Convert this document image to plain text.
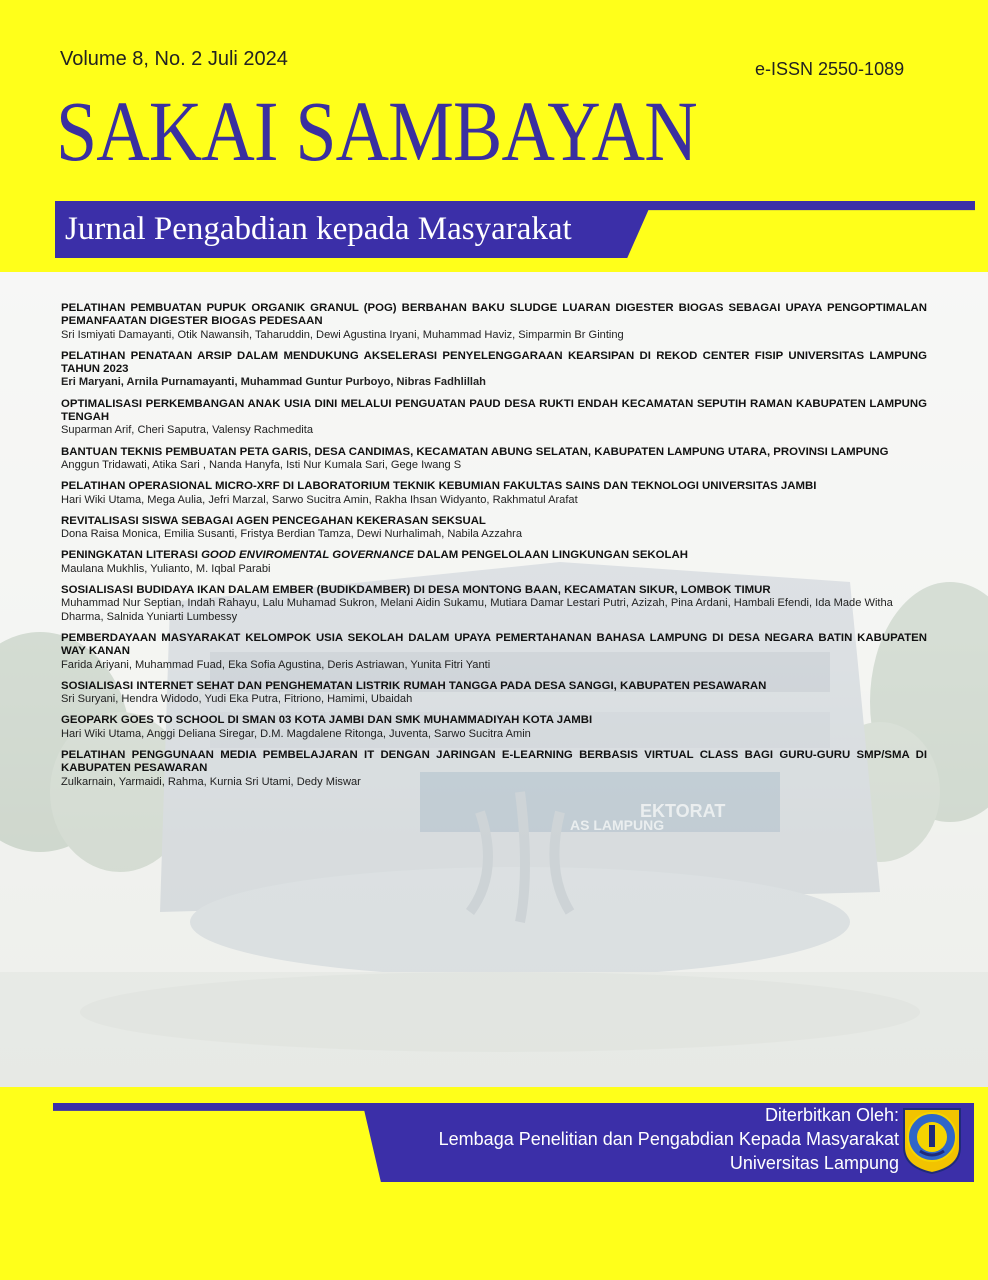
Volume 8, No. 2 Juli 2024	e-ISSN 2550-1089
SAKAI SAMBAYAN
Jurnal Pengabdian kepada Masyarakat
EKTORAT
AS LAMPUNG
PELATIHAN PEMBUATAN PUPUK ORGANIK GRANUL (POG) BERBAHAN BAKU SLUDGE LUARAN DIGESTER BIOGAS SEBAGAI UPAYA PENGOPTIMALAN PEMANFAATAN DIGESTER BIOGAS PEDESAAN
Sri Ismiyati Damayanti, Otik Nawansih, Taharuddin, Dewi Agustina Iryani, Muhammad Haviz, Simparmin Br Ginting
PELATIHAN PENATAAN ARSIP DALAM MENDUKUNG AKSELERASI PENYELENGGARAAN KEARSIPAN DI REKOD CENTER FISIP UNIVERSITAS LAMPUNG TAHUN 2023
Eri Maryani, Arnila Purnamayanti, Muhammad Guntur Purboyo, Nibras Fadhlillah
OPTIMALISASI PERKEMBANGAN ANAK USIA DINI MELALUI PENGUATAN PAUD DESA RUKTI ENDAH KECAMATAN SEPUTIH RAMAN KABUPATEN LAMPUNG TENGAH
Suparman Arif, Cheri Saputra, Valensy Rachmedita
BANTUAN TEKNIS PEMBUATAN PETA GARIS, DESA CANDIMAS, KECAMATAN ABUNG SELATAN, KABUPATEN LAMPUNG UTARA, PROVINSI LAMPUNG
Anggun Tridawati, Atika Sari , Nanda Hanyfa, Isti Nur Kumala Sari, Gege Iwang S
PELATIHAN OPERASIONAL MICRO-XRF DI LABORATORIUM TEKNIK KEBUMIAN FAKULTAS SAINS DAN TEKNOLOGI UNIVERSITAS JAMBI
Hari Wiki Utama, Mega Aulia, Jefri Marzal, Sarwo Sucitra Amin, Rakha Ihsan Widyanto, Rakhmatul Arafat
REVITALISASI SISWA SEBAGAI AGEN PENCEGAHAN KEKERASAN SEKSUAL
Dona Raisa Monica, Emilia Susanti, Fristya Berdian Tamza, Dewi Nurhalimah, Nabila Azzahra
PENINGKATAN LITERASI GOOD ENVIROMENTAL GOVERNANCE DALAM PENGELOLAAN LINGKUNGAN SEKOLAH
Maulana Mukhlis, Yulianto, M. Iqbal Parabi
SOSIALISASI BUDIDAYA IKAN DALAM EMBER (BUDIKDAMBER) DI DESA MONTONG BAAN, KECAMATAN SIKUR, LOMBOK TIMUR
Muhammad Nur Septian, Indah Rahayu, Lalu Muhamad Sukron, Melani Aidin Sukamu, Mutiara Damar Lestari Putri, Azizah, Pina Ardani, Hambali Efendi, Ida Made Witha Dharma, Salnida Yuniarti Lumbessy
PEMBERDAYAAN MASYARAKAT KELOMPOK USIA SEKOLAH DALAM UPAYA PEMERTAHANAN BAHASA LAMPUNG DI DESA NEGARA BATIN KABUPATEN WAY KANAN
Farida Ariyani, Muhammad Fuad, Eka Sofia Agustina, Deris Astriawan, Yunita Fitri Yanti
SOSIALISASI INTERNET SEHAT DAN PENGHEMATAN LISTRIK RUMAH TANGGA PADA DESA SANGGI, KABUPATEN PESAWARAN
Sri Suryani, Hendra Widodo, Yudi Eka Putra, Fitriono, Hamimi, Ubaidah
GEOPARK GOES TO SCHOOL DI SMAN 03 KOTA JAMBI DAN SMK MUHAMMADIYAH KOTA JAMBI
Hari Wiki Utama, Anggi Deliana Siregar, D.M. Magdalene Ritonga, Juventa, Sarwo Sucitra Amin
PELATIHAN PENGGUNAAN MEDIA PEMBELAJARAN IT DENGAN JARINGAN E-LEARNING BERBASIS VIRTUAL CLASS BAGI GURU-GURU SMP/SMA DI KABUPATEN PESAWARAN
Zulkarnain, Yarmaidi, Rahma, Kurnia Sri Utami, Dedy Miswar
Diterbitkan Oleh:
Lembaga Penelitian dan Pengabdian Kepada Masyarakat
Universitas Lampung
